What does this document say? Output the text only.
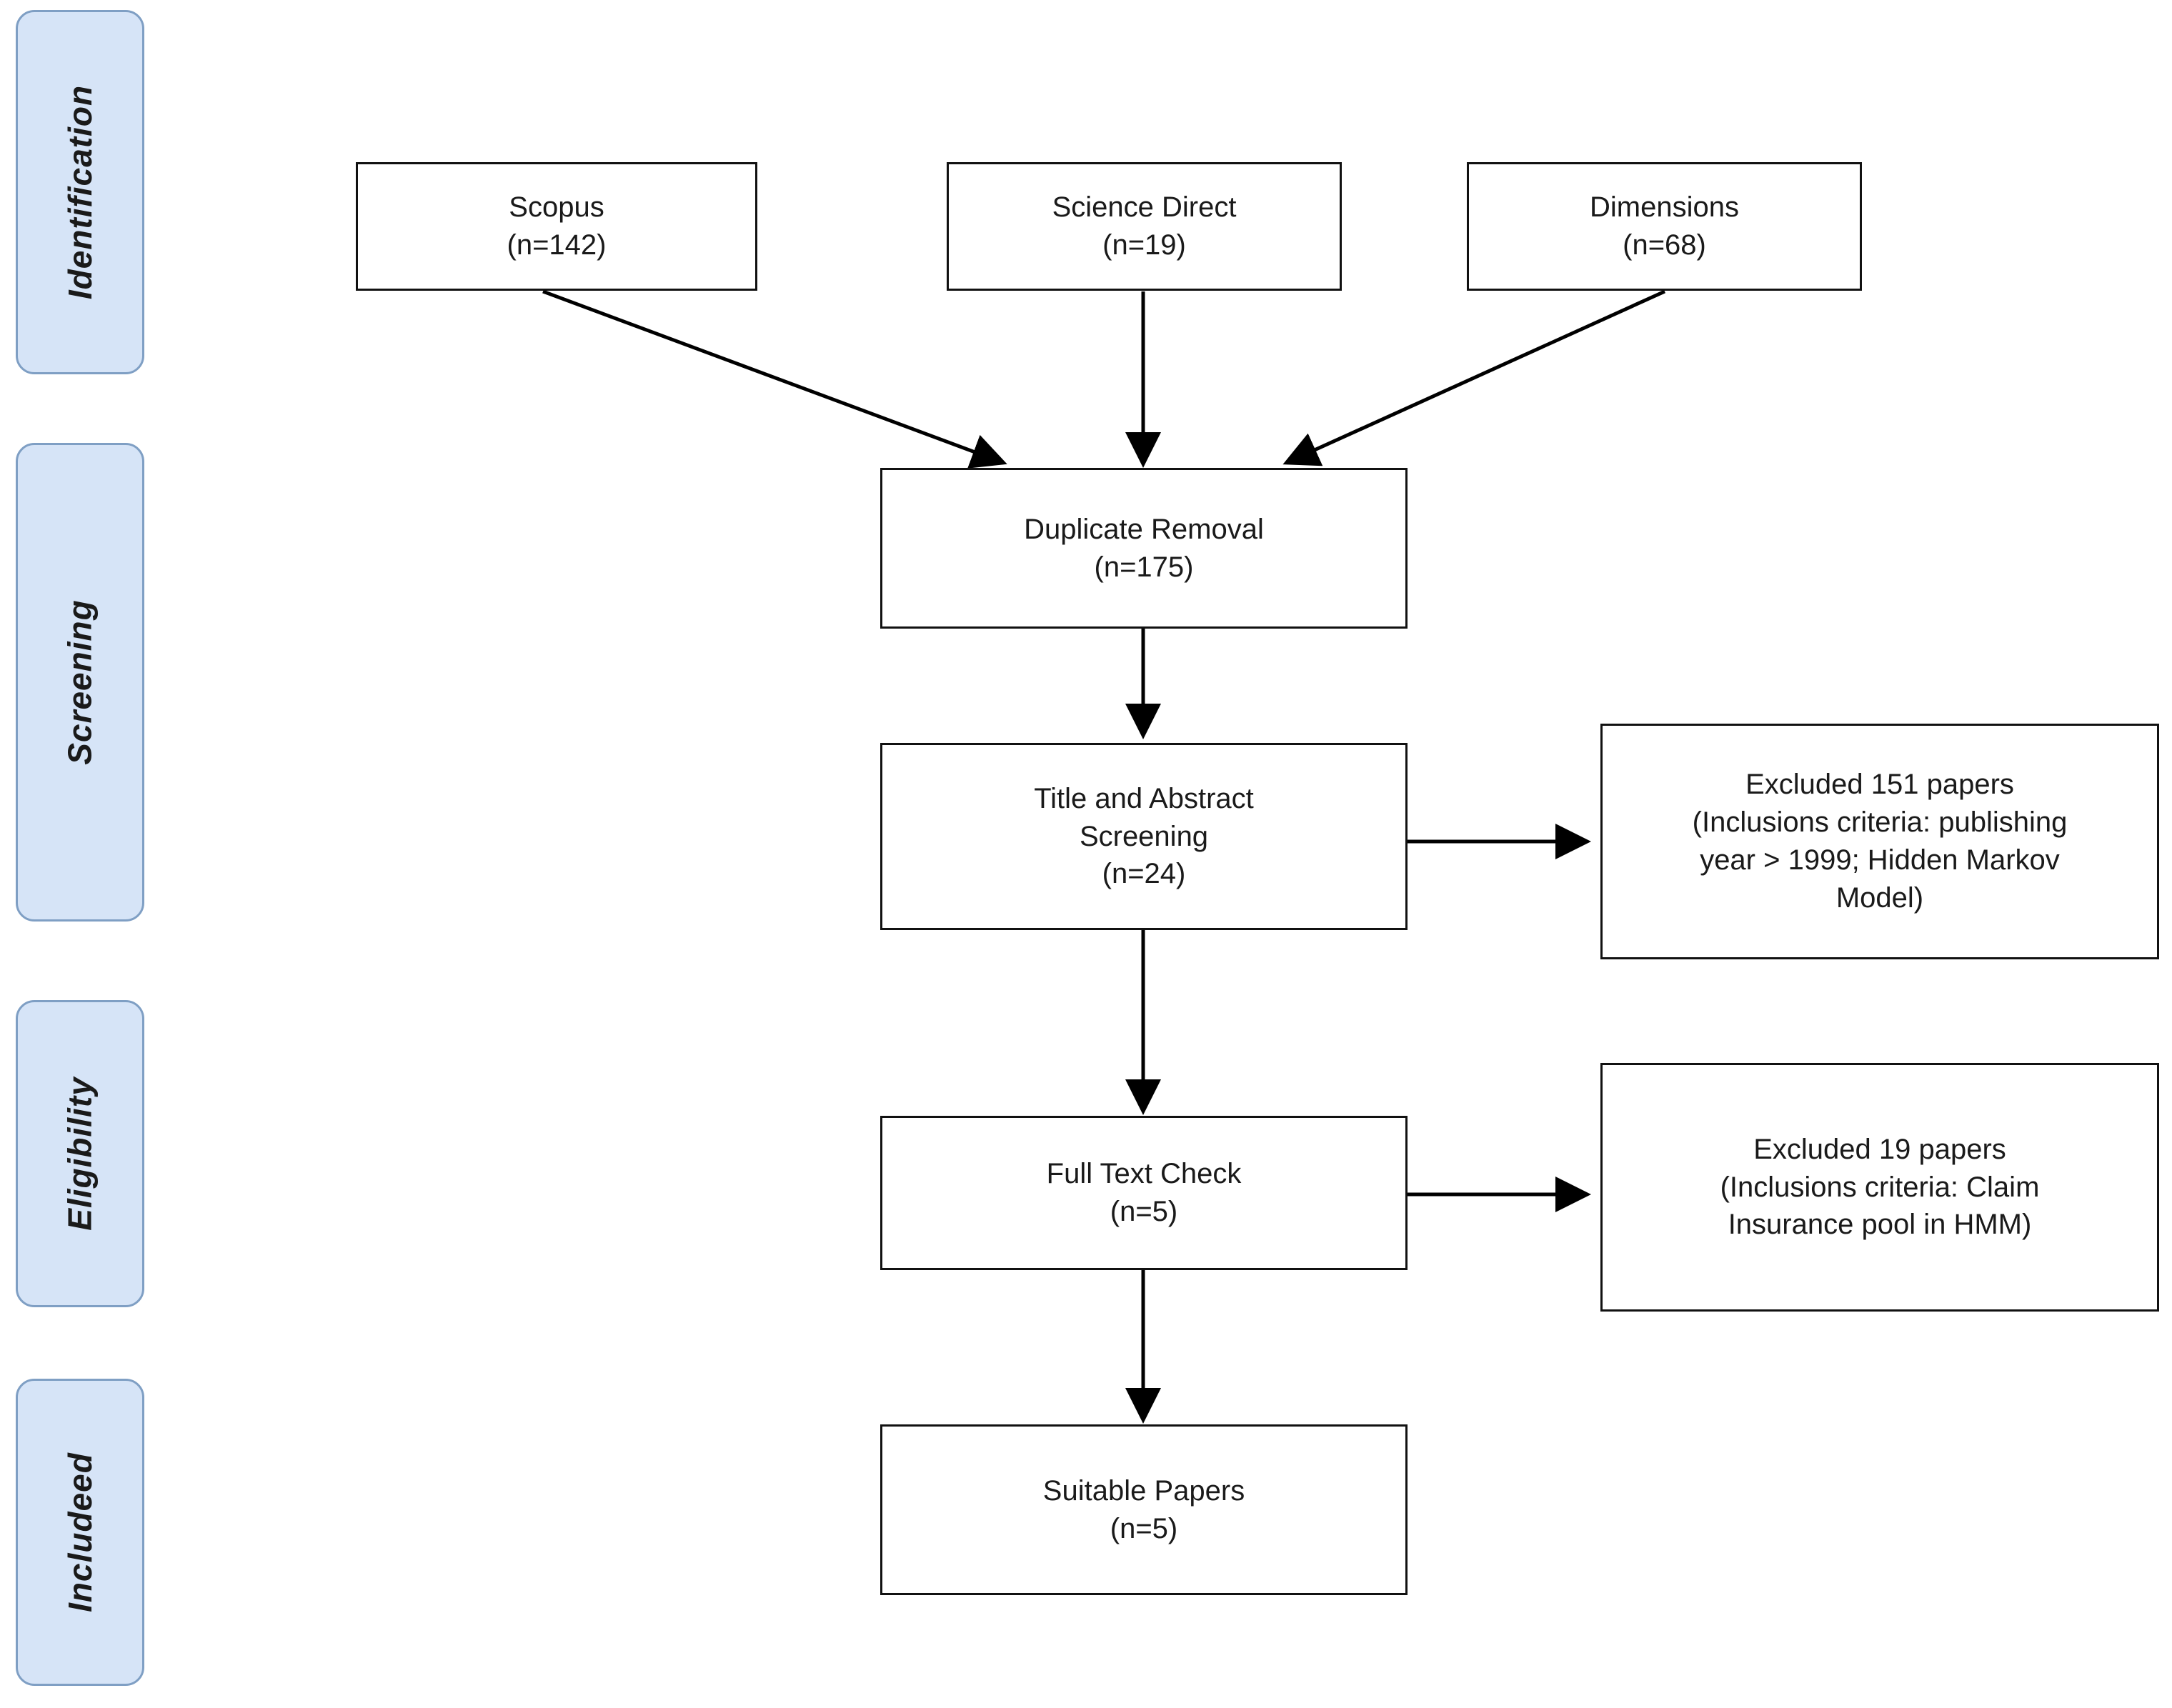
Identification
Screening
Eligibility
Includeed
Scopus
(n=142)
Science Direct
(n=19)
Dimensions
(n=68)
Duplicate Removal
(n=175)
Title and Abstract
Screening
(n=24)
Excluded 151 papers
(Inclusions criteria: publishing
year > 1999; Hidden Markov
Model)
Full Text Check
(n=5)
Excluded 19 papers
(Inclusions criteria: Claim
Insurance pool in HMM)
Suitable Papers
(n=5)
